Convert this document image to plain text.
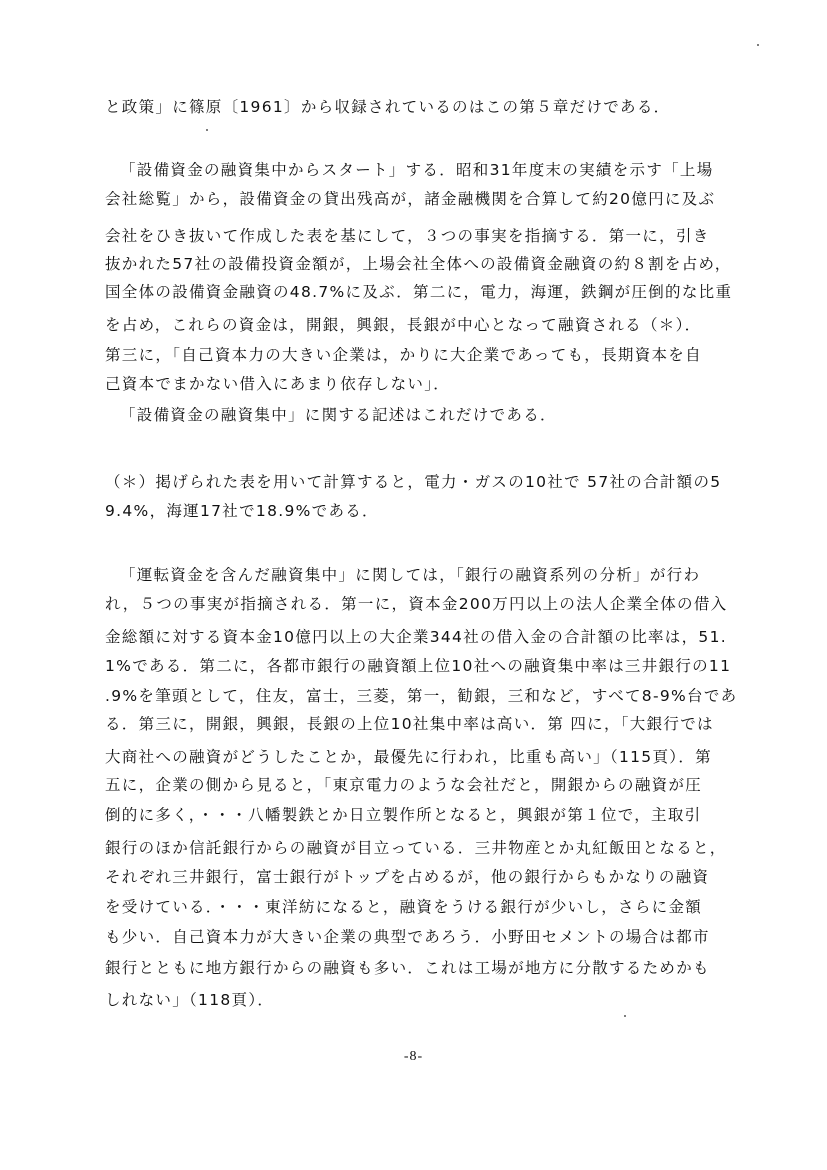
と政策」に篠原〔1961〕から収録されているのはこの第５章だけである．
「設備資金の融資集中からスタート」する．昭和31年度末の実績を示す「上場
会社総覧」から，設備資金の貸出残高が，諸金融機関を合算して約20億円に及ぶ
会社をひき抜いて作成した表を基にして，３つの事実を指摘する．第一に，引き
抜かれた57社の設備投資金額が，上場会社全体への設備資金融資の約８割を占め，
国全体の設備資金融資の48.7%に及ぶ．第二に，電力，海運，鉄鋼が圧倒的な比重
を占め，これらの資金は，開銀，興銀，長銀が中心となって融資される（＊）．
第三に，「自己資本力の大きい企業は，かりに大企業であっても，長期資本を自
己資本でまかない借入にあまり依存しない」．
「設備資金の融資集中」に関する記述はこれだけである．
（＊）掲げられた表を用いて計算すると，電力・ガスの10社で 57社の合計額の5
9.4%，海運17社で18.9%である．
「運転資金を含んだ融資集中」に関しては，「銀行の融資系列の分析」が行わ
れ，５つの事実が指摘される．第一に，資本金200万円以上の法人企業全体の借入
金総額に対する資本金10億円以上の大企業344社の借入金の合計額の比率は，51.
1%である．第二に，各都市銀行の融資額上位10社への融資集中率は三井銀行の11
.9%を筆頭として，住友，富士，三菱，第一，勧銀，三和など，すべて8-9%台であ
る．第三に，開銀，興銀，長銀の上位10社集中率は高い．第 四に，「大銀行では
大商社への融資がどうしたことか，最優先に行われ，比重も高い」（115頁）．第
五に，企業の側から見ると，「東京電力のような会社だと，開銀からの融資が圧
倒的に多く，・・・八幡製鉄とか日立製作所となると，興銀が第１位で，主取引
銀行のほか信託銀行からの融資が目立っている．三井物産とか丸紅飯田となると，
それぞれ三井銀行，富士銀行がトップを占めるが，他の銀行からもかなりの融資
を受けている．・・・東洋紡になると，融資をうける銀行が少いし，さらに金額
も少い．自己資本力が大きい企業の典型であろう．小野田セメントの場合は都市
銀行とともに地方銀行からの融資も多い．これは工場が地方に分散するためかも
しれない」（118頁）．
-8-
